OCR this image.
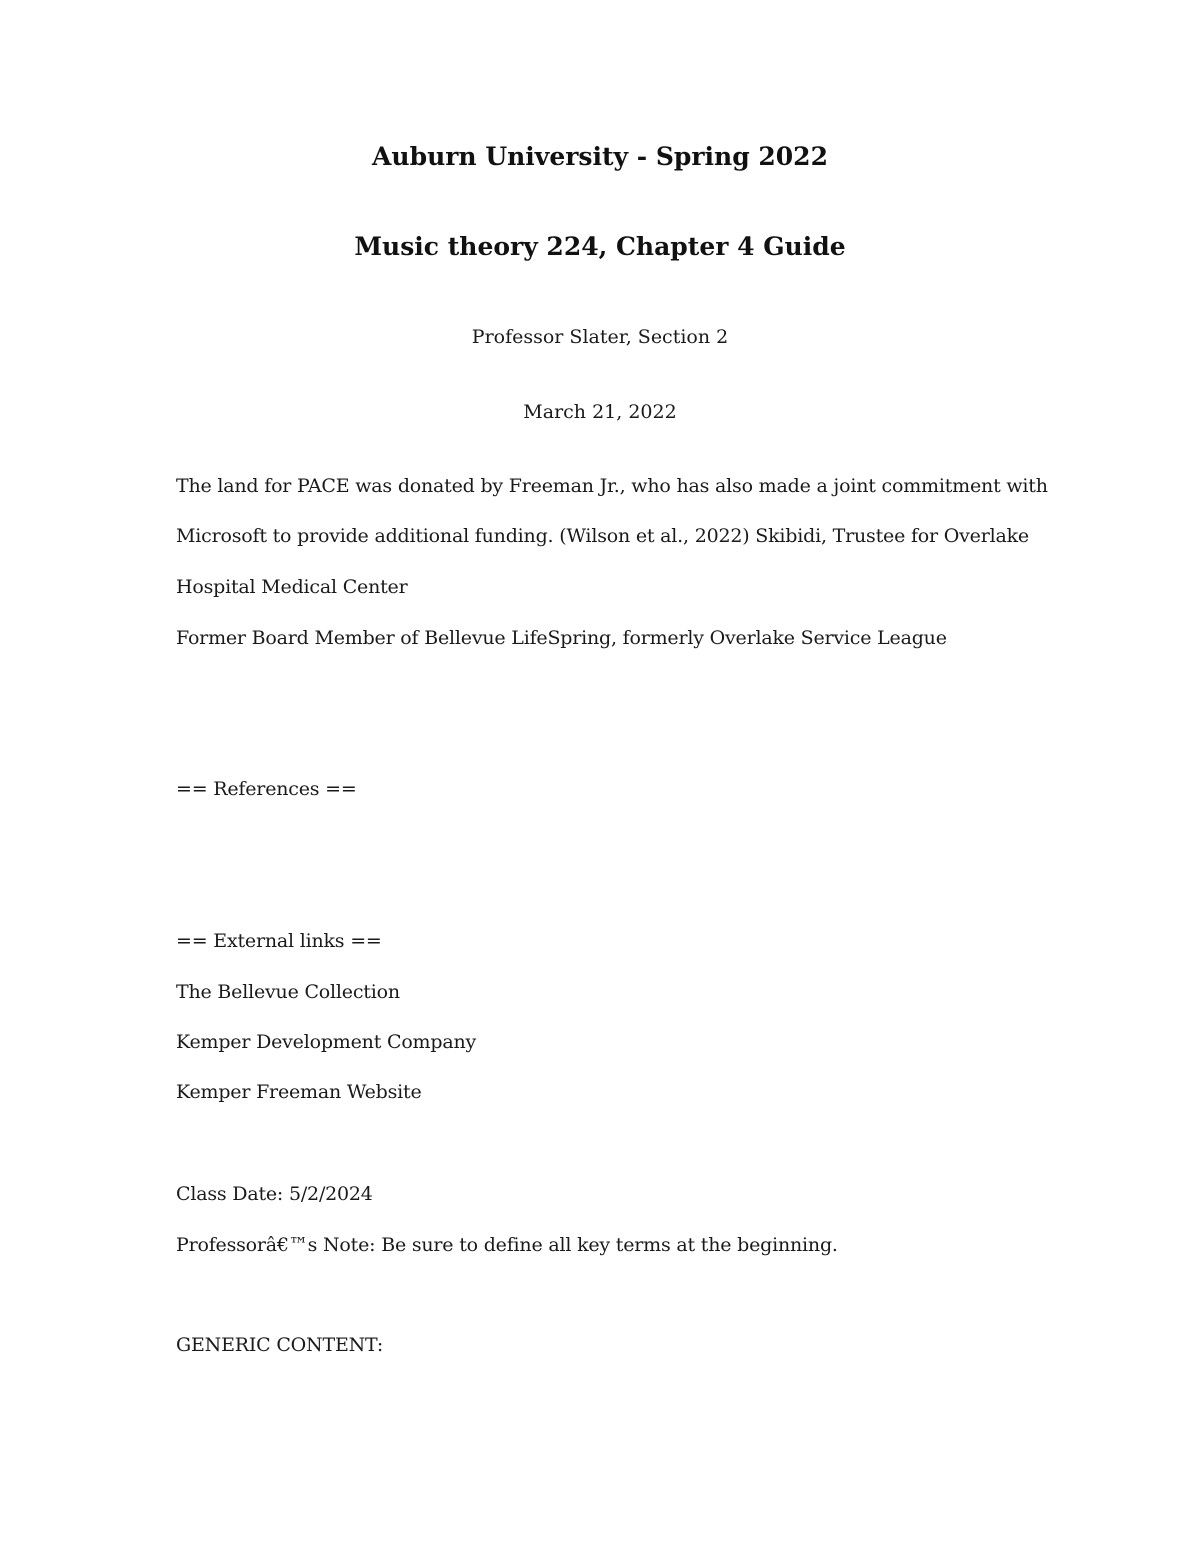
Auburn University - Spring 2022
Music theory 224, Chapter 4 Guide
Professor Slater, Section 2
March 21, 2022
The land for PACE was donated by Freeman Jr., who has also made a joint commitment with
Microsoft to provide additional funding. (Wilson et al., 2022) Skibidi, Trustee for Overlake
Hospital Medical Center
Former Board Member of Bellevue LifeSpring, formerly Overlake Service League
== References ==
== External links ==
The Bellevue Collection
Kemper Development Company
Kemper Freeman Website
Class Date: 5/2/2024
Professorâ€™s Note: Be sure to define all key terms at the beginning.
GENERIC CONTENT:
